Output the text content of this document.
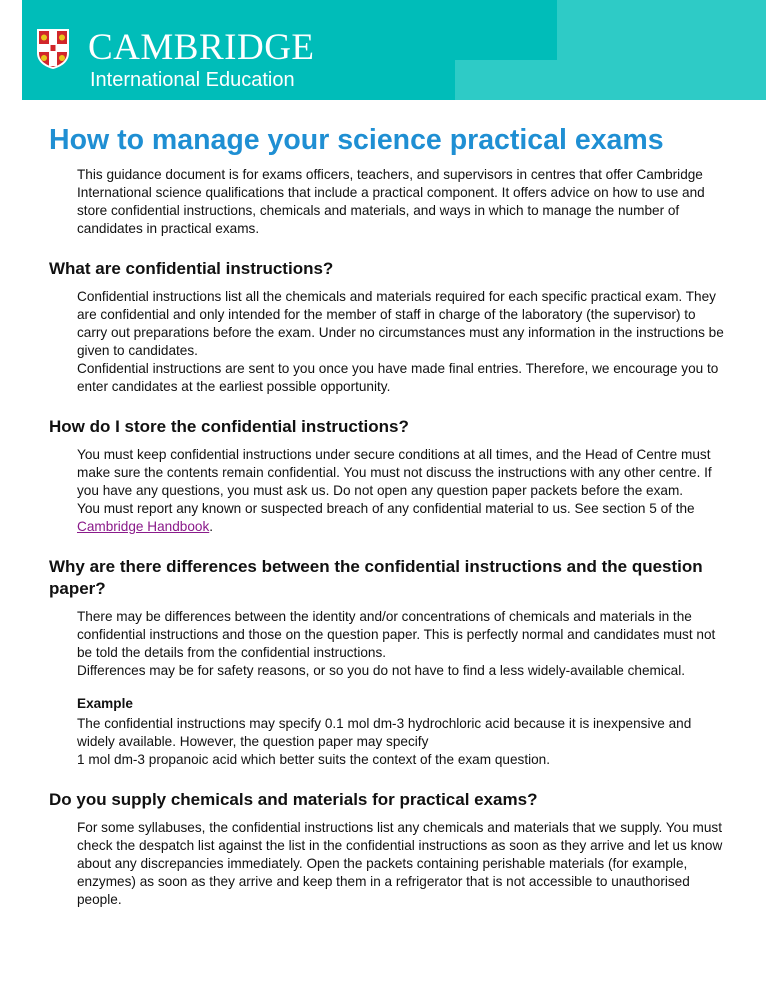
CAMBRIDGE
International Education
How to manage your science practical exams

This guidance document is for exams officers, teachers, and supervisors in centres that offer Cambridge International science qualifications that include a practical component. It offers advice on how to use and store confidential instructions, chemicals and materials, and ways in which to manage the number of candidates in practical exams.

What are confidential instructions?

Confidential instructions list all the chemicals and materials required for each specific practical exam. They are confidential and only intended for the member of staff in charge of the laboratory (the supervisor) to carry out preparations before the exam. Under no circumstances must any information in the instructions be given to candidates.

Confidential instructions are sent to you once you have made final entries. Therefore, we encourage you to enter candidates at the earliest possible opportunity.

How do I store the confidential instructions?

You must keep confidential instructions under secure conditions at all times, and the Head of Centre must make sure the contents remain confidential. You must not discuss the instructions with any other centre. If you have any questions, you must ask us. Do not open any question paper packets before the exam.

You must report any known or suspected breach of any confidential material to us. See section 5 of the Cambridge Handbook.

Why are there differences between the confidential instructions and the question paper?

There may be differences between the identity and/or concentrations of chemicals and materials in the confidential instructions and those on the question paper. This is perfectly normal and candidates must not be told the details from the confidential instructions.

Differences may be for safety reasons, or so you do not have to find a less widely-available chemical.

Example

The confidential instructions may specify 0.1 mol dm-3 hydrochloric acid because it is inexpensive and widely available. However, the question paper may specify

1 mol dm-3 propanoic acid which better suits the context of the exam question.

Do you supply chemicals and materials for practical exams?

For some syllabuses, the confidential instructions list any chemicals and materials that we supply. You must check the despatch list against the list in the confidential instructions as soon as they arrive and let us know about any discrepancies immediately. Open the packets containing perishable materials (for example, enzymes) as soon as they arrive and keep them in a refrigerator that is not accessible to unauthorised people.
